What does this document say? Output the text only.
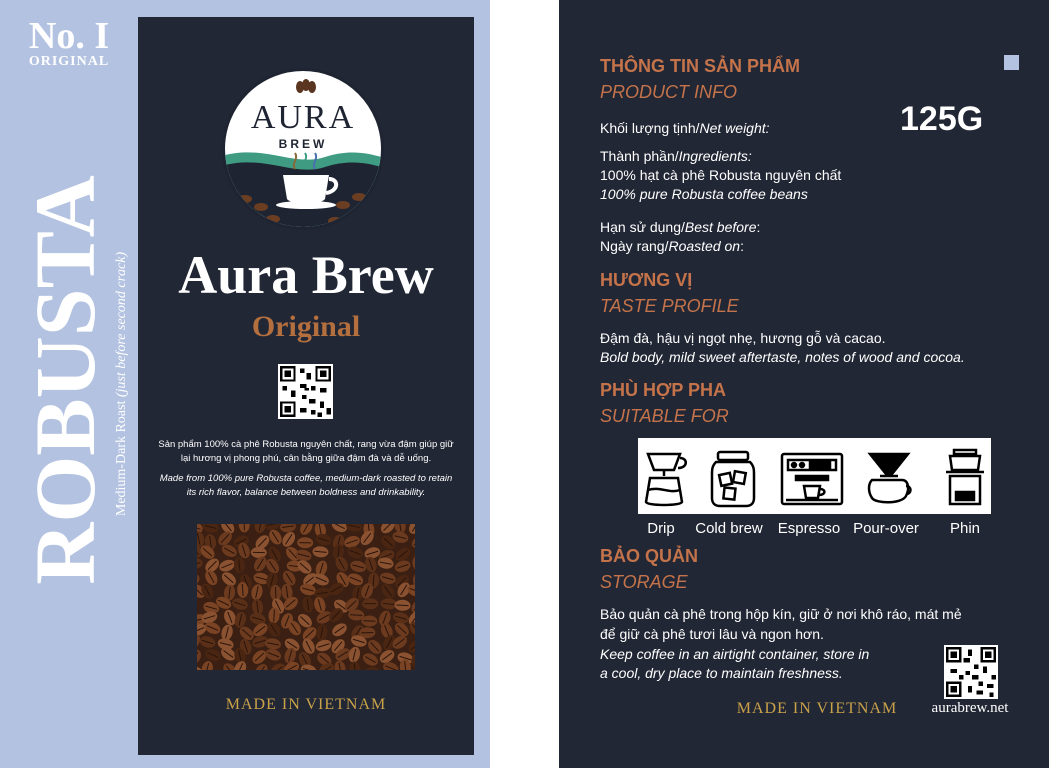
No. I
ORIGINAL
ROBUSTA Medium-Dark Roast (just before second crack)
AURA
BREW
Aura Brew
Original
Sản phẩm 100% cà phê Robusta nguyên chất, rang vừa đậm giúp giữ lại hương vị phong phú, cân bằng giữa đậm đà và dễ uống.
Made from 100% pure Robusta coffee, medium-dark roasted to retain its rich flavor, balance between boldness and drinkability.
MADE IN VIETNAM
THÔNG TIN SẢN PHẨM
PRODUCT INFO
Khối lượng tịnh/Net weight:	125G
Thành phần/Ingredients:
100% hạt cà phê Robusta nguyên chất
100% pure Robusta coffee beans
Hạn sử dụng/Best before:
Ngày rang/Roasted on:
HƯƠNG VỊ
TASTE PROFILE
Đậm đà, hậu vị ngọt nhẹ, hương gỗ và cacao.
Bold body, mild sweet aftertaste, notes of wood and cocoa.
PHÙ HỢP PHA
SUITABLE FOR
Drip	Cold brew Espresso Pour-over	Phin
BẢO QUẢN
STORAGE
Bảo quản cà phê trong hộp kín, giữ ở nơi khô ráo, mát mẻ
để giữ cà phê tươi lâu và ngon hơn.
Keep coffee in an airtight container, store in
a cool, dry place to maintain freshness.
MADE IN VIETNAM	aurabrew.net
